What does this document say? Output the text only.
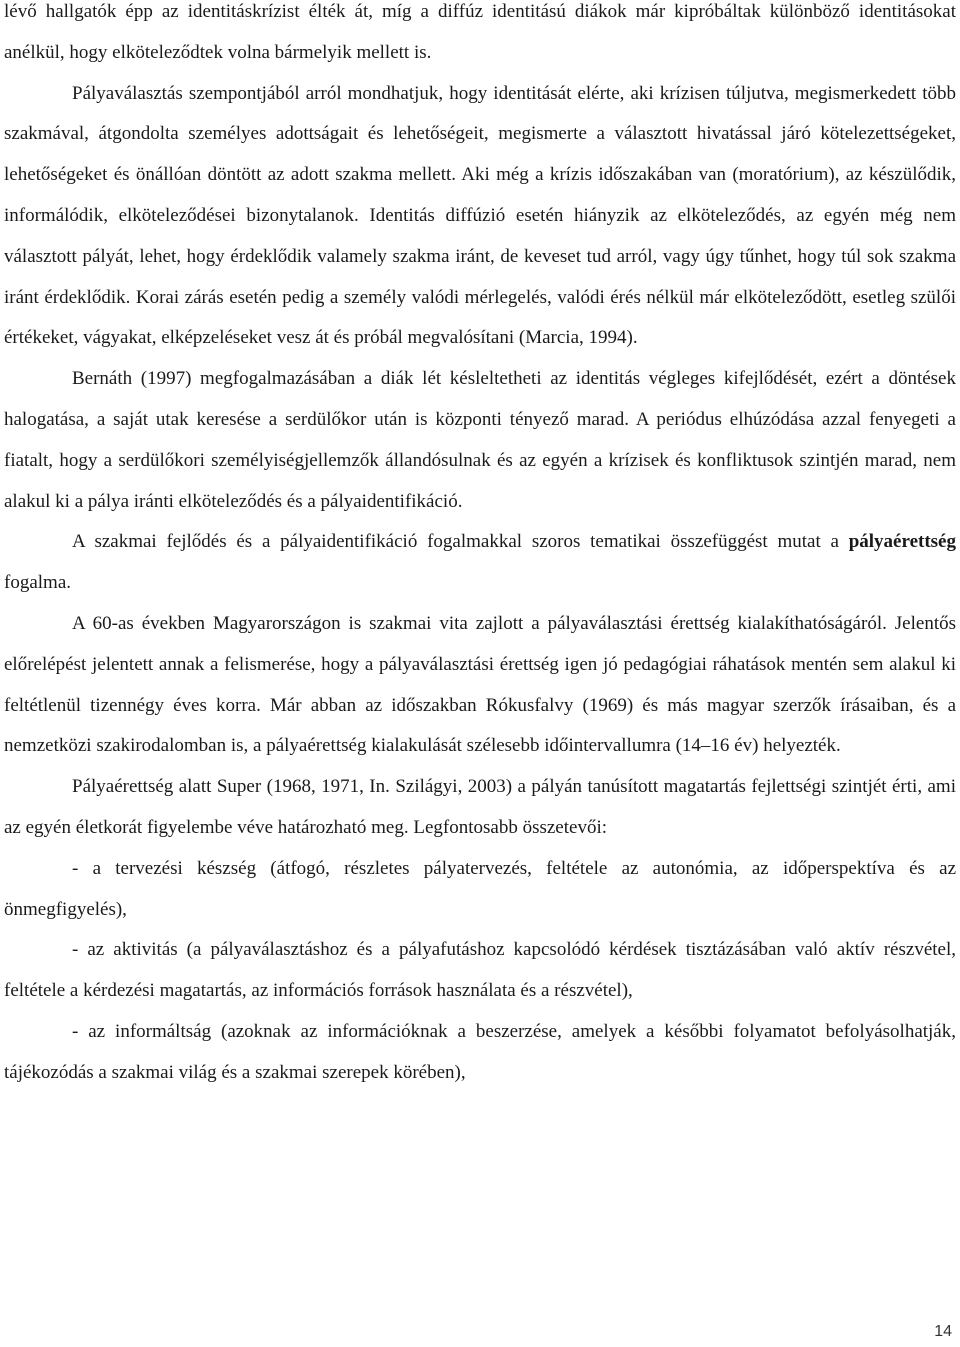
lévő hallgatók épp az identitáskrízist élték át, míg a diffúz identitású diákok már kipróbáltak különböző identitásokat anélkül, hogy elköteleződtek volna bármelyik mellett is.

Pályaválasztás szempontjából arról mondhatjuk, hogy identitását elérte, aki krízisen túljutva, megismerkedett több szakmával, átgondolta személyes adottságait és lehetőségeit, megismerte a választott hivatással járó kötelezettségeket, lehetőségeket és önállóan döntött az adott szakma mellett. Aki még a krízis időszakában van (moratórium), az készülődik, informálódik, elköteleződései bizonytalanok. Identitás diffúzió esetén hiányzik az elköteleződés, az egyén még nem választott pályát, lehet, hogy érdeklődik valamely szakma iránt, de keveset tud arról, vagy úgy tűnhet, hogy túl sok szakma iránt érdeklődik. Korai zárás esetén pedig a személy valódi mérlegelés, valódi érés nélkül már elköteleződött, esetleg szülői értékeket, vágyakat, elképzeléseket vesz át és próbál megvalósítani (Marcia, 1994).

Bernáth (1997) megfogalmazásában a diák lét késleltetheti az identitás végleges kifejlődését, ezért a döntések halogatása, a saját utak keresése a serdülőkor után is központi tényező marad. A periódus elhúzódása azzal fenyegeti a fiatalt, hogy a serdülőkori személyiségjellemzők állandósulnak és az egyén a krízisek és konfliktusok szintjén marad, nem alakul ki a pálya iránti elköteleződés és a pályaidentifikáció.

A szakmai fejlődés és a pályaidentifikáció fogalmakkal szoros tematikai összefüggést mutat a pályaérettség fogalma.

A 60-as években Magyarországon is szakmai vita zajlott a pályaválasztási érettség kialakíthatóságáról. Jelentős előrelépést jelentett annak a felismerése, hogy a pályaválasztási érettség igen jó pedagógiai ráhatások mentén sem alakul ki feltétlenül tizennégy éves korra. Már abban az időszakban Rókusfalvy (1969) és más magyar szerzők írásaiban, és a nemzetközi szakirodalomban is, a pályaérettség kialakulását szélesebb időintervallumra (14–16 év) helyezték.

Pályaérettség alatt Super (1968, 1971, In. Szilágyi, 2003) a pályán tanúsított magatartás fejlettségi szintjét érti, ami az egyén életkorát figyelembe véve határozható meg. Legfontosabb összetevői:

- a tervezési készség (átfogó, részletes pályatervezés, feltétele az autonómia, az időperspektíva és az önmegfigyelés),

- az aktivitás (a pályaválasztáshoz és a pályafutáshoz kapcsolódó kérdések tisztázásában való aktív részvétel, feltétele a kérdezési magatartás, az információs források használata és a részvétel),

- az informáltság (azoknak az információknak a beszerzése, amelyek a későbbi folyamatot befolyásolhatják, tájékozódás a szakmai világ és a szakmai szerepek körében),

14
